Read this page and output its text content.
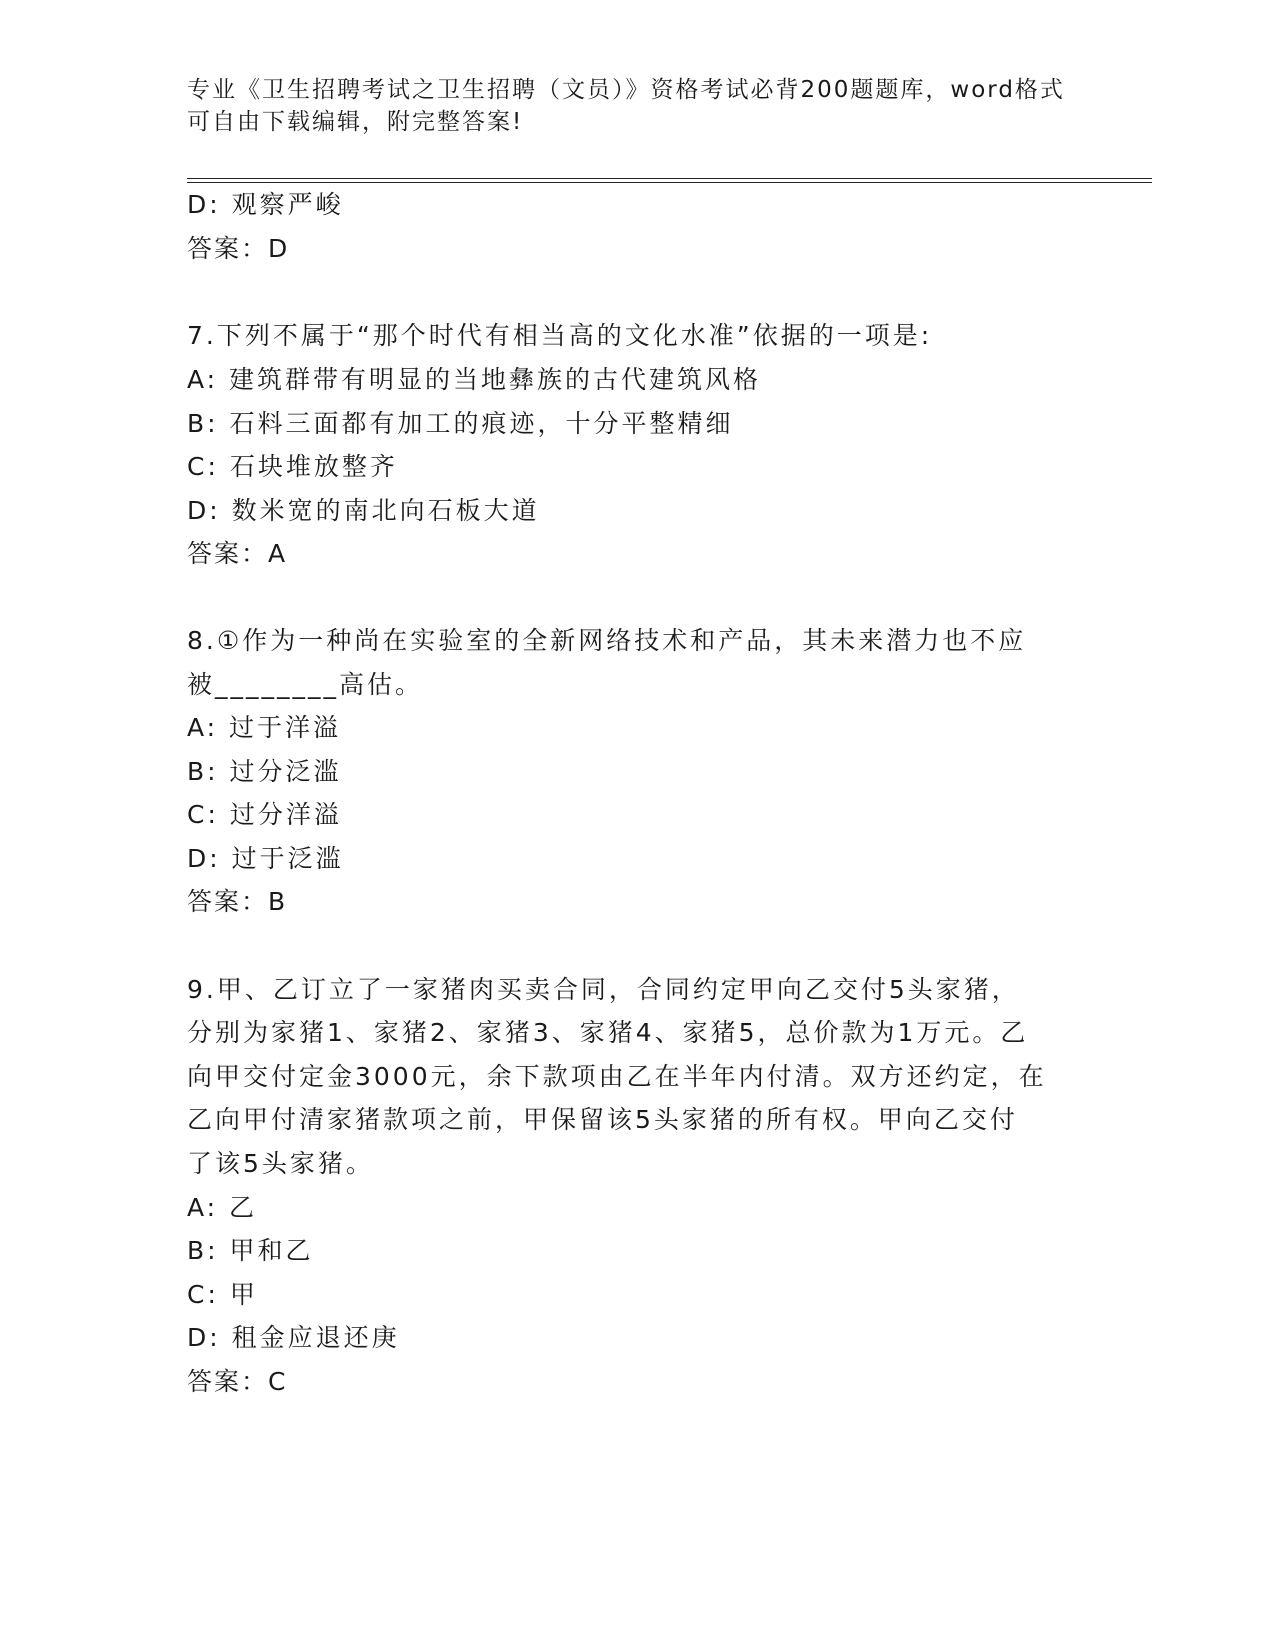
专业《卫生招聘考试之卫生招聘（文员）》资格考试必背200题题库，word格式
可自由下载编辑，附完整答案!
D: 观察严峻
答案：D
7.下列不属于“那个时代有相当高的文化水准”依据的一项是:
A: 建筑群带有明显的当地彝族的古代建筑风格
B: 石料三面都有加工的痕迹，十分平整精细
C: 石块堆放整齐
D: 数米宽的南北向石板大道
答案：A
8.①作为一种尚在实验室的全新网络技术和产品，其未来潜力也不应
被________高估。
A: 过于洋溢
B: 过分泛滥
C: 过分洋溢
D: 过于泛滥
答案：B
9.甲、乙订立了一家猪肉买卖合同，合同约定甲向乙交付5头家猪，
分别为家猪1、家猪2、家猪3、家猪4、家猪5，总价款为1万元。乙
向甲交付定金3000元，余下款项由乙在半年内付清。双方还约定，在
乙向甲付清家猪款项之前，甲保留该5头家猪的所有权。甲向乙交付
了该5头家猪。
A: 乙
B: 甲和乙
C: 甲
D: 租金应退还庚
答案：C
